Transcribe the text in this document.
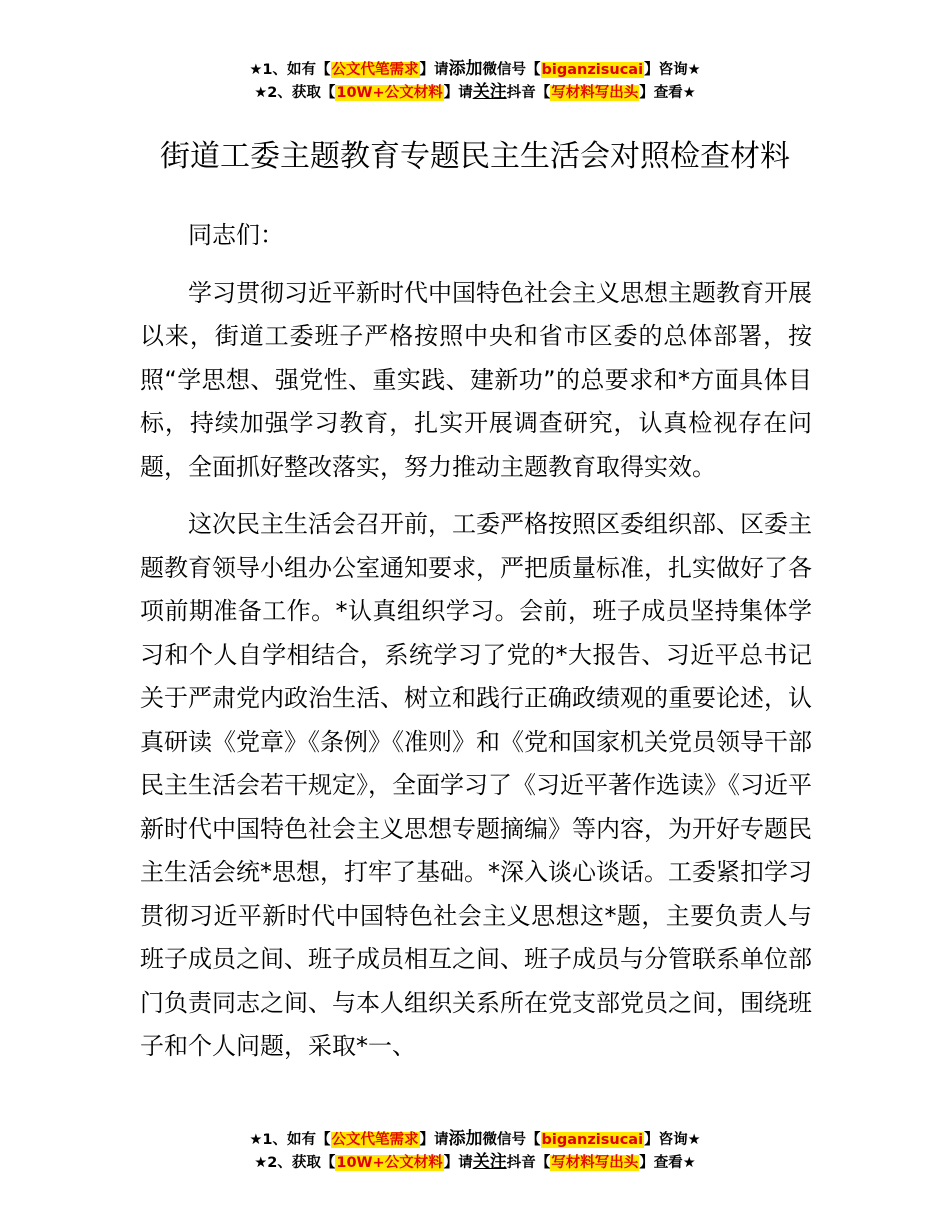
★1、如有【公文代笔需求】请添加微信号【biganzisucai】咨询★
★2、获取【10W+公文材料】请关注抖音【写材料写出头】查看★
街道工委主题教育专题民主生活会对照检查材料

同志们：

学习贯彻习近平新时代中国特色社会主义思想主题教育开展以来，街道工委班子严格按照中央和省市区委的总体部署，按照“学思想、强党性、重实践、建新功”的总要求和*方面具体目标，持续加强学习教育，扎实开展调查研究，认真检视存在问题，全面抓好整改落实，努力推动主题教育取得实效。

这次民主生活会召开前，工委严格按照区委组织部、区委主题教育领导小组办公室通知要求，严把质量标准，扎实做好了各项前期准备工作。*认真组织学习。会前，班子成员坚持集体学习和个人自学相结合，系统学习了党的*大报告、习近平总书记关于严肃党内政治生活、树立和践行正确政绩观的重要论述，认真研读《党章》《条例》《准则》和《党和国家机关党员领导干部民主生活会若干规定》，全面学习了《习近平著作选读》《习近平新时代中国特色社会主义思想专题摘编》等内容，为开好专题民主生活会统*思想，打牢了基础。*深入谈心谈话。工委紧扣学习贯彻习近平新时代中国特色社会主义思想这*题，主要负责人与班子成员之间、班子成员相互之间、班子成员与分管联系单位部门负责同志之间、与本人组织关系所在党支部党员之间，围绕班子和个人问题，采取*一、

★1、如有【公文代笔需求】请添加微信号【biganzisucai】咨询★
★2、获取【10W+公文材料】请关注抖音【写材料写出头】查看★
